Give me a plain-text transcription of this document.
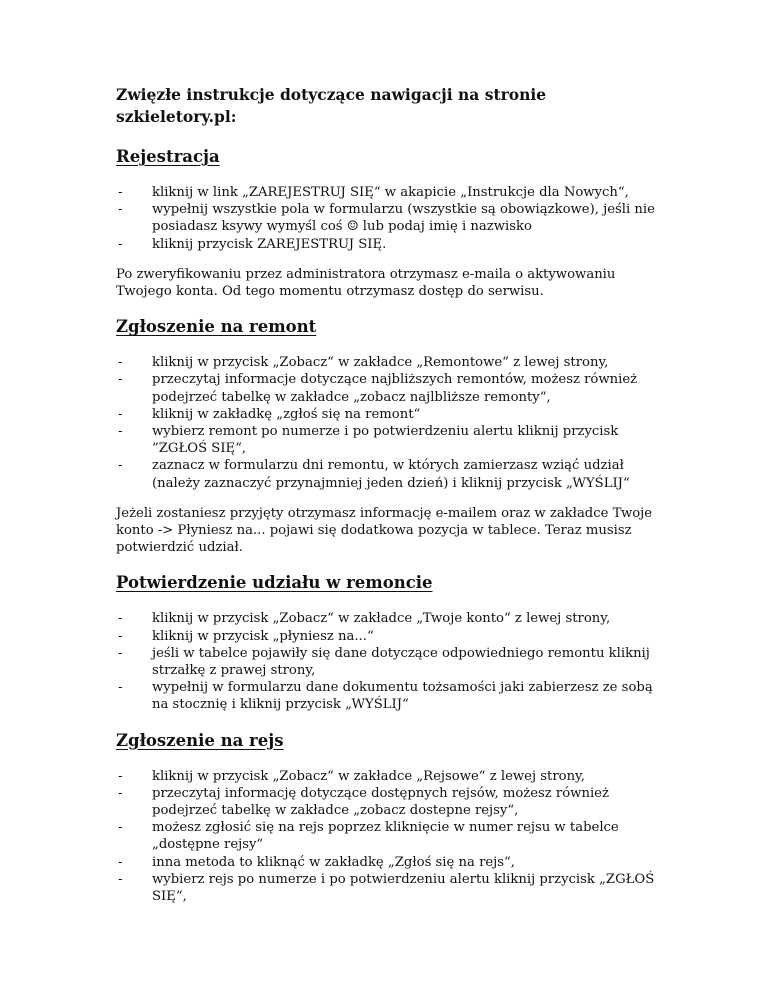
Zwięzłe instrukcje dotyczące nawigacji na stronie szkieletory.pl:
Rejestracja
- kliknij w link „ZAREJESTRUJ SIĘ“ w akapicie „Instrukcje dla Nowych“,
- wypełnij wszystkie pola w formularzu (wszystkie są obowiązkowe), jeśli nie posiadasz ksywy wymyśl coś ☺ lub podaj imię i nazwisko
- kliknij przycisk ZAREJESTRUJ SIĘ.
Po zweryfikowaniu przez administratora otrzymasz e-maila o aktywowaniu Twojego konta. Od tego momentu otrzymasz dostęp do serwisu.
Zgłoszenie na remont
- kliknij w przycisk „Zobacz“ w zakładce „Remontowe“ z lewej strony,
- przeczytaj informacje dotyczące najbliższych remontów, możesz również podejrzeć tabelkę w zakładce „zobacz najlbliższe remonty“,
- kliknij w zakładkę „zgłoś się na remont“
- wybierz remont po numerze i po potwierdzeniu alertu kliknij przycisk ”ZGŁOŚ SIĘ“,
- zaznacz w formularzu dni remontu, w których zamierzasz wziąć udział (należy zaznaczyć przynajmniej jeden dzień) i kliknij przycisk „WYŚLIJ“
Jeżeli zostaniesz przyjęty otrzymasz informację e-mailem oraz w zakładce Twoje konto -> Płyniesz na... pojawi się dodatkowa pozycja w tablece. Teraz musisz potwierdzić udział.
Potwierdzenie udziału w remoncie
- kliknij w przycisk „Zobacz“ w zakładce „Twoje konto“ z lewej strony,
- kliknij w przycisk „płyniesz na...“
- jeśli w tabelce pojawiły się dane dotyczące odpowiedniego remontu kliknij strzałkę z prawej strony,
- wypełnij w formularzu dane dokumentu tożsamości jaki zabierzesz ze sobą na stocznię i kliknij przycisk „WYŚLIJ“
Zgłoszenie na rejs
- kliknij w przycisk „Zobacz“ w zakładce „Rejsowe“ z lewej strony,
- przeczytaj informację dotyczące dostępnych rejsów, możesz również podejrzeć tabelkę w zakładce „zobacz dostepne rejsy“,
- możesz zgłosić się na rejs poprzez kliknięcie w numer rejsu w tabelce „dostępne rejsy“
- inna metoda to kliknąć w zakładkę „Zgłoś się na rejs“,
- wybierz rejs po numerze i po potwierdzeniu alertu kliknij przycisk „ZGŁOŚ SIĘ“,
